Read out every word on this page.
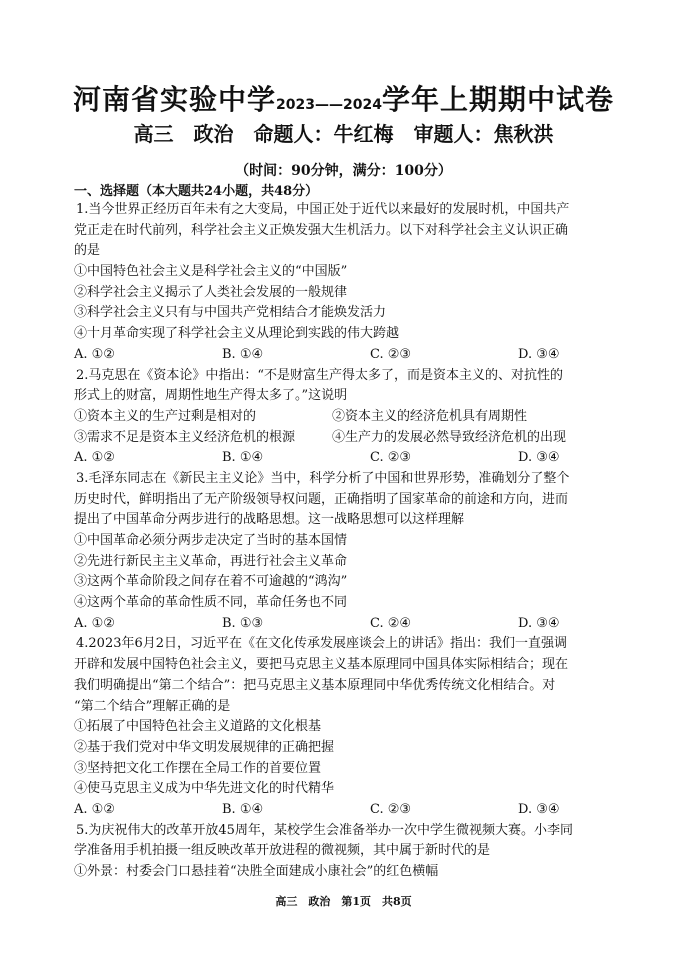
河南省实验中学2023——2024学年上期期中试卷
高三　政治　命题人：牛红梅　审题人：焦秋洪
（时间：90分钟，满分：100分）
一、选择题（本大题共24小题，共48分）
1.当今世界正经历百年未有之大变局，中国正处于近代以来最好的发展时机，中国共产
党正走在时代前列，科学社会主义正焕发强大生机活力。以下对科学社会主义认识正确
的是
①中国特色社会主义是科学社会主义的“中国版”
②科学社会主义揭示了人类社会发展的一般规律
③科学社会主义只有与中国共产党相结合才能焕发活力
④十月革命实现了科学社会主义从理论到实践的伟大跨越
A. ①②	B. ①④	C. ②③	D. ③④
2.马克思在《资本论》中指出：“不是财富生产得太多了，而是资本主义的、对抗性的
形式上的财富，周期性地生产得太多了。”这说明
①资本主义的生产过剩是相对的	②资本主义的经济危机具有周期性
③需求不足是资本主义经济危机的根源	④生产力的发展必然导致经济危机的出现
A. ①②	B. ①④	C. ②③	D. ③④
3.毛泽东同志在《新民主主义论》当中，科学分析了中国和世界形势，准确划分了整个
历史时代，鲜明指出了无产阶级领导权问题，正确指明了国家革命的前途和方向，进而
提出了中国革命分两步进行的战略思想。这一战略思想可以这样理解
①中国革命必须分两步走决定了当时的基本国情
②先进行新民主主义革命，再进行社会主义革命
③这两个革命阶段之间存在着不可逾越的“鸿沟”
④这两个革命的革命性质不同，革命任务也不同
A. ①②	B. ①③	C. ②④	D. ③④
4.2023年6月2日，习近平在《在文化传承发展座谈会上的讲话》指出：我们一直强调
开辟和发展中国特色社会主义，要把马克思主义基本原理同中国具体实际相结合；现在
我们明确提出“第二个结合”：把马克思主义基本原理同中华优秀传统文化相结合。对
“第二个结合”理解正确的是
①拓展了中国特色社会主义道路的文化根基
②基于我们党对中华文明发展规律的正确把握
③坚持把文化工作摆在全局工作的首要位置
④使马克思主义成为中华先进文化的时代精华
A. ①②	B. ①④	C. ②③	D. ③④
5.为庆祝伟大的改革开放45周年，某校学生会准备举办一次中学生微视频大赛。小李同
学准备用手机拍摄一组反映改革开放进程的微视频，其中属于新时代的是
①外景：村委会门口悬挂着“决胜全面建成小康社会”的红色横幅
高三　政治　第1页　共8页
